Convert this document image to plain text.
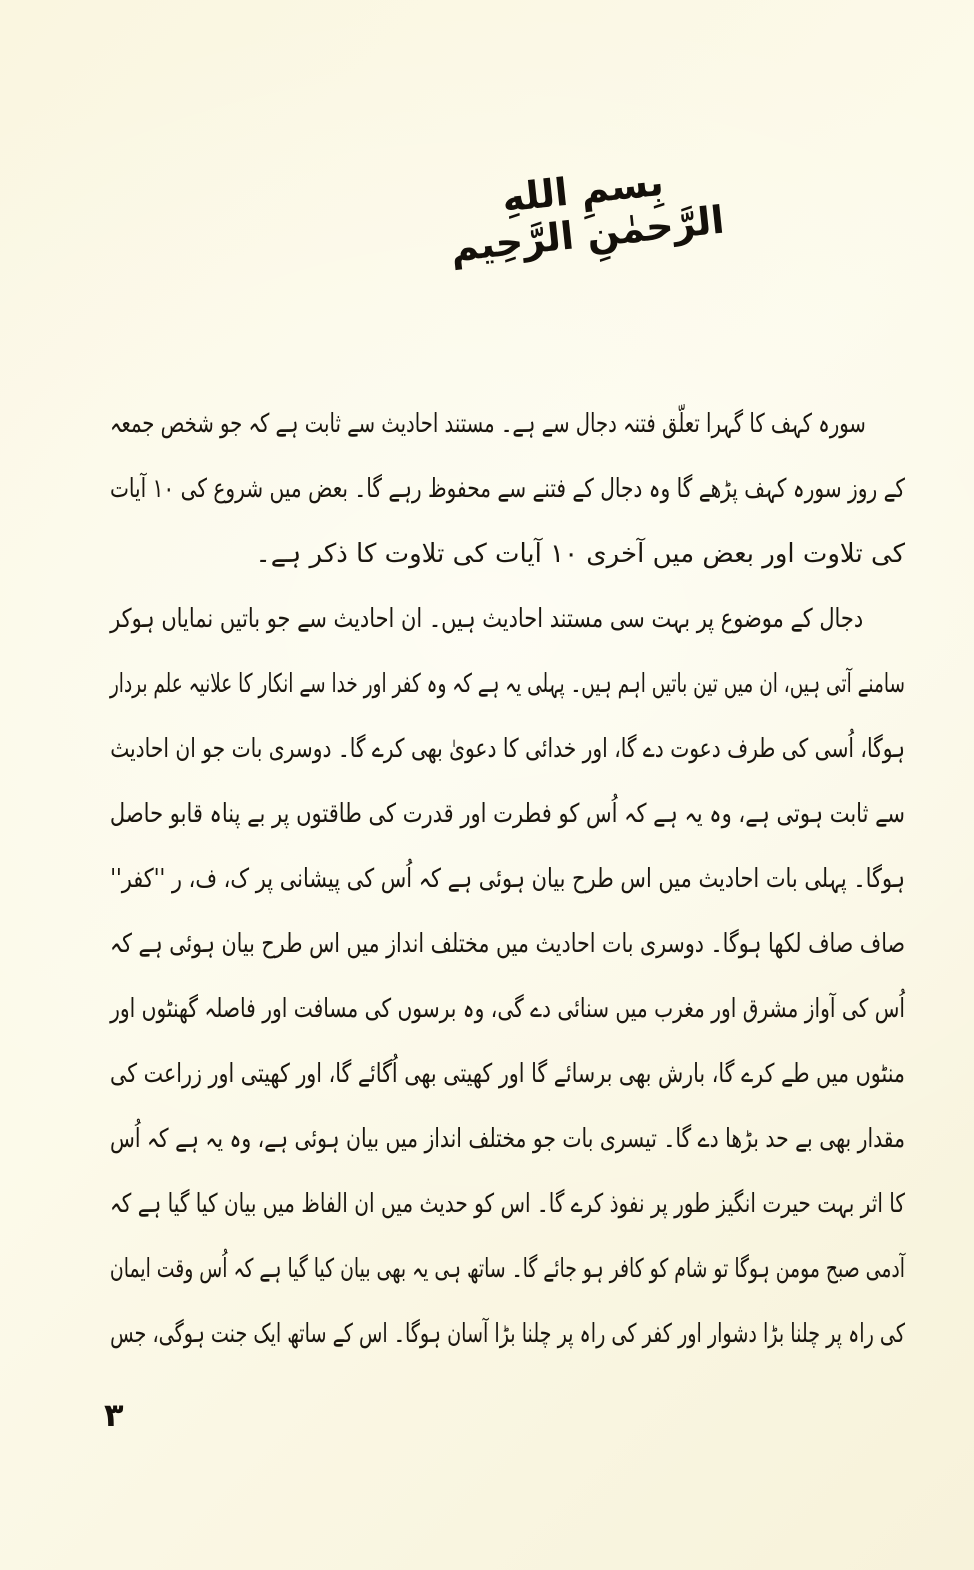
بِسمِ اللهِ الرَّحمٰنِ الرَّحِيم
سورہ کہف کا گہرا تعلّق فتنہ دجال سے ہے۔ مستند احادیث سے ثابت ہے کہ جو شخص جمعہ
کے روز سورہ کہف پڑھے گا وہ دجال کے فتنے سے محفوظ رہے گا۔ بعض میں شروع کی ۱۰ آیات
کی تلاوت اور بعض میں آخری ۱۰ آیات کی تلاوت کا ذکر ہے۔
دجال کے موضوع پر بہت سی مستند احادیث ہیں۔ ان احادیث سے جو باتیں نمایاں ہوکر
سامنے آتی ہیں، ان میں تین باتیں اہم ہیں۔ پہلی یہ ہے کہ وہ کفر اور خدا سے انکار کا علانیہ علم بردار
ہوگا، اُسی کی طرف دعوت دے گا، اور خدائی کا دعویٰ بھی کرے گا۔ دوسری بات جو ان احادیث
سے ثابت ہوتی ہے، وہ یہ ہے کہ اُس کو فطرت اور قدرت کی طاقتوں پر بے پناہ قابو حاصل
ہوگا۔ پہلی بات احادیث میں اس طرح بیان ہوئی ہے کہ اُس کی پیشانی پر ک، ف، ر ''کفر''
صاف صاف لکھا ہوگا۔ دوسری بات احادیث میں مختلف انداز میں اس طرح بیان ہوئی ہے کہ
اُس کی آواز مشرق اور مغرب میں سنائی دے گی، وہ برسوں کی مسافت اور فاصلہ گھنٹوں اور
منٹوں میں طے کرے گا، بارش بھی برسائے گا اور کھیتی بھی اُگائے گا، اور کھیتی اور زراعت کی
مقدار بھی بے حد بڑھا دے گا۔ تیسری بات جو مختلف انداز میں بیان ہوئی ہے، وہ یہ ہے کہ اُس
کا اثر بہت حیرت انگیز طور پر نفوذ کرے گا۔ اس کو حدیث میں ان الفاظ میں بیان کیا گیا ہے کہ
آدمی صبح مومن ہوگا تو شام کو کافر ہو جائے گا۔ ساتھ ہی یہ بھی بیان کیا گیا ہے کہ اُس وقت ایمان
کی راہ پر چلنا بڑا دشوار اور کفر کی راہ پر چلنا بڑا آسان ہوگا۔ اس کے ساتھ ایک جنت ہوگی، جس
۳
